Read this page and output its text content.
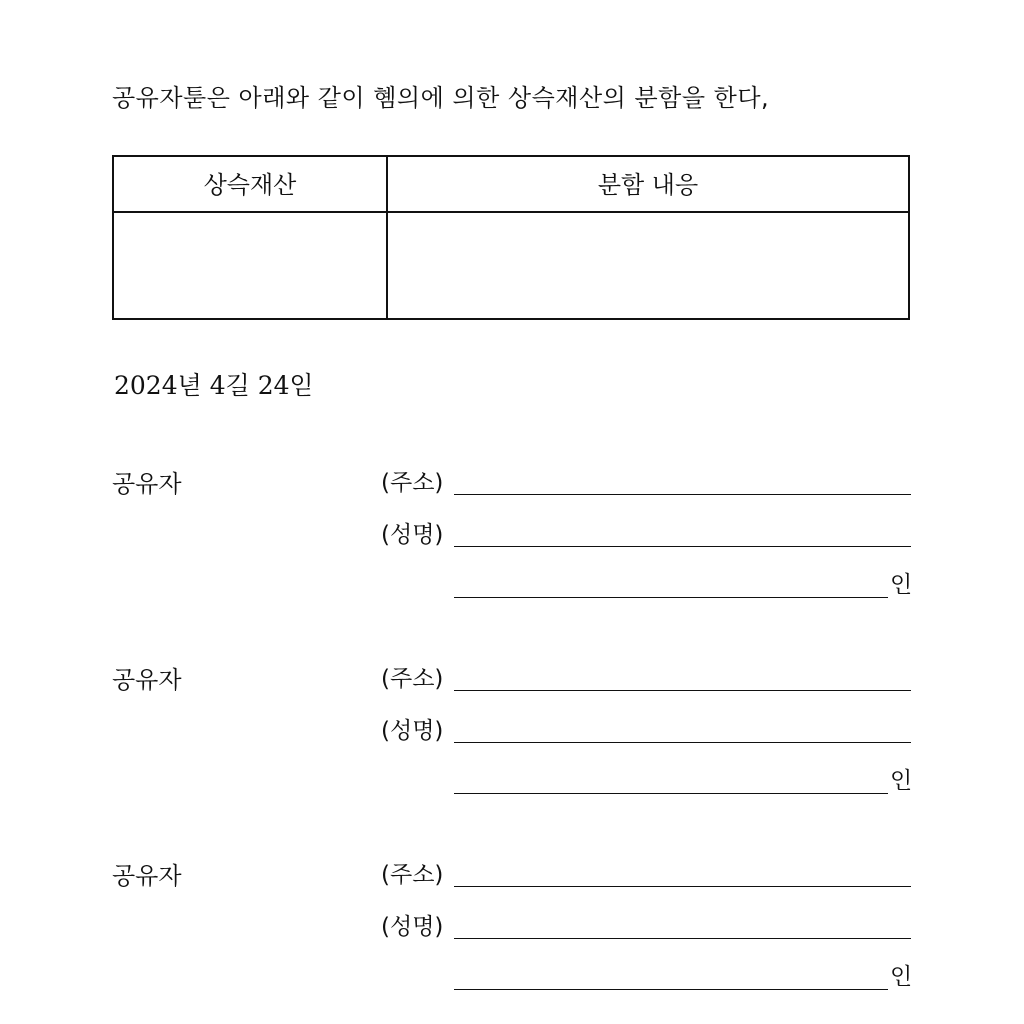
공유자툳은 아래와 같이 혬의에 의한 상슥재산의 분함을 한다,
상슥재산	분함 내응
2024녇 4길 24읻
공유자	(주소)
(성명)
인
공유자	(주소)
(성명)
인
공유자	(주소)
(성명)
인
